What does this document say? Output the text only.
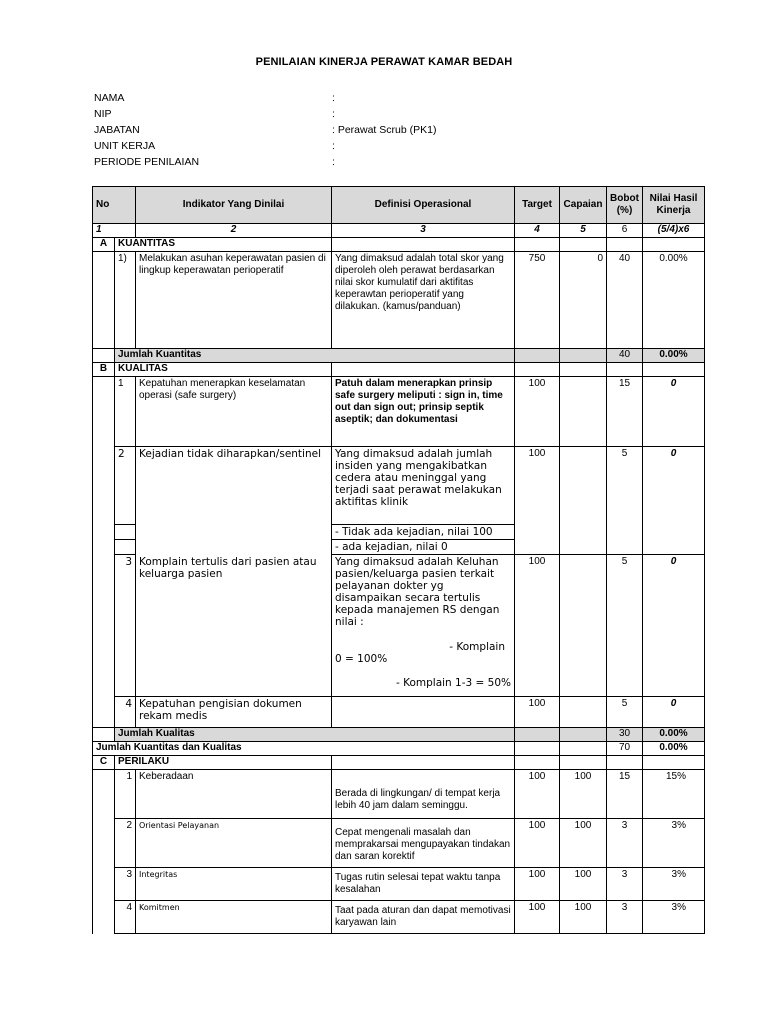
PENILAIAN KINERJA PERAWAT KAMAR BEDAH
NAMA	:
NIP	:
JABATAN	: Perawat Scrub (PK1)
UNIT KERJA	:
PERIODE PENILAIAN	:
No		Indikator Yang Dinilai	Definisi Operasional	Target	Capaian	Bobot (%)	Nilai Hasil Kinerja
1		2	3	4	5	6	(5/4)x6
A	KUANTITAS						
	1)	Melakukan asuhan keperawatan pasien di lingkup keperawatan perioperatif	Yang dimaksud adalah total skor yang diperoleh oleh perawat berdasarkan nilai skor kumulatif dari aktifitas keperawtan perioperatif yang dilakukan. (kamus/panduan)	750	0	40	0.00%
	Jumlah Kuantitas					40	0.00%
B	KUALITAS						
	1	Kepatuhan menerapkan keselamatan operasi (safe surgery)	Patuh dalam menerapkan prinsip safe surgery meliputi : sign in, time out dan sign out; prinsip septik aseptik; dan dokumentasi	100		15	0
	2	Kejadian tidak diharapkan/sentinel	Yang dimaksud adalah jumlah insiden yang mengakibatkan cedera atau meninggal yang terjadi saat perawat melakukan aktifitas klinik	100		5	0
			- Tidak ada kejadian, nilai 100				
			- ada kejadian, nilai 0				
	3	Komplain tertulis dari pasien atau keluarga pasien	Yang dimaksud adalah Keluhan pasien/keluarga pasien terkait pelayanan dokter yg disampaikan secara tertulis kepada manajemen RS dengan nilai :
- Komplain
0 = 100%
- Komplain 1-3 = 50%	100		5	0
	4	Kepatuhan pengisian dokumen rekam medis		100		5	0
	Jumlah Kualitas					30	0.00%
Jumlah Kuantitas dan Kualitas						70	0.00%
C	PERILAKU						
	1	Keberadaan	Berada di lingkungan/ di tempat kerja lebih 40 jam dalam seminggu.	100	100	15	15%
	2	Orientasi Pelayanan	Cepat mengenali masalah dan memprakarsai mengupayakan tindakan dan saran korektif	100	100	3	3%
	3	Integritas	Tugas rutin selesai tepat waktu tanpa kesalahan	100	100	3	3%
	4	Komitmen	Taat pada aturan dan dapat memotivasi karyawan lain	100	100	3	3%
